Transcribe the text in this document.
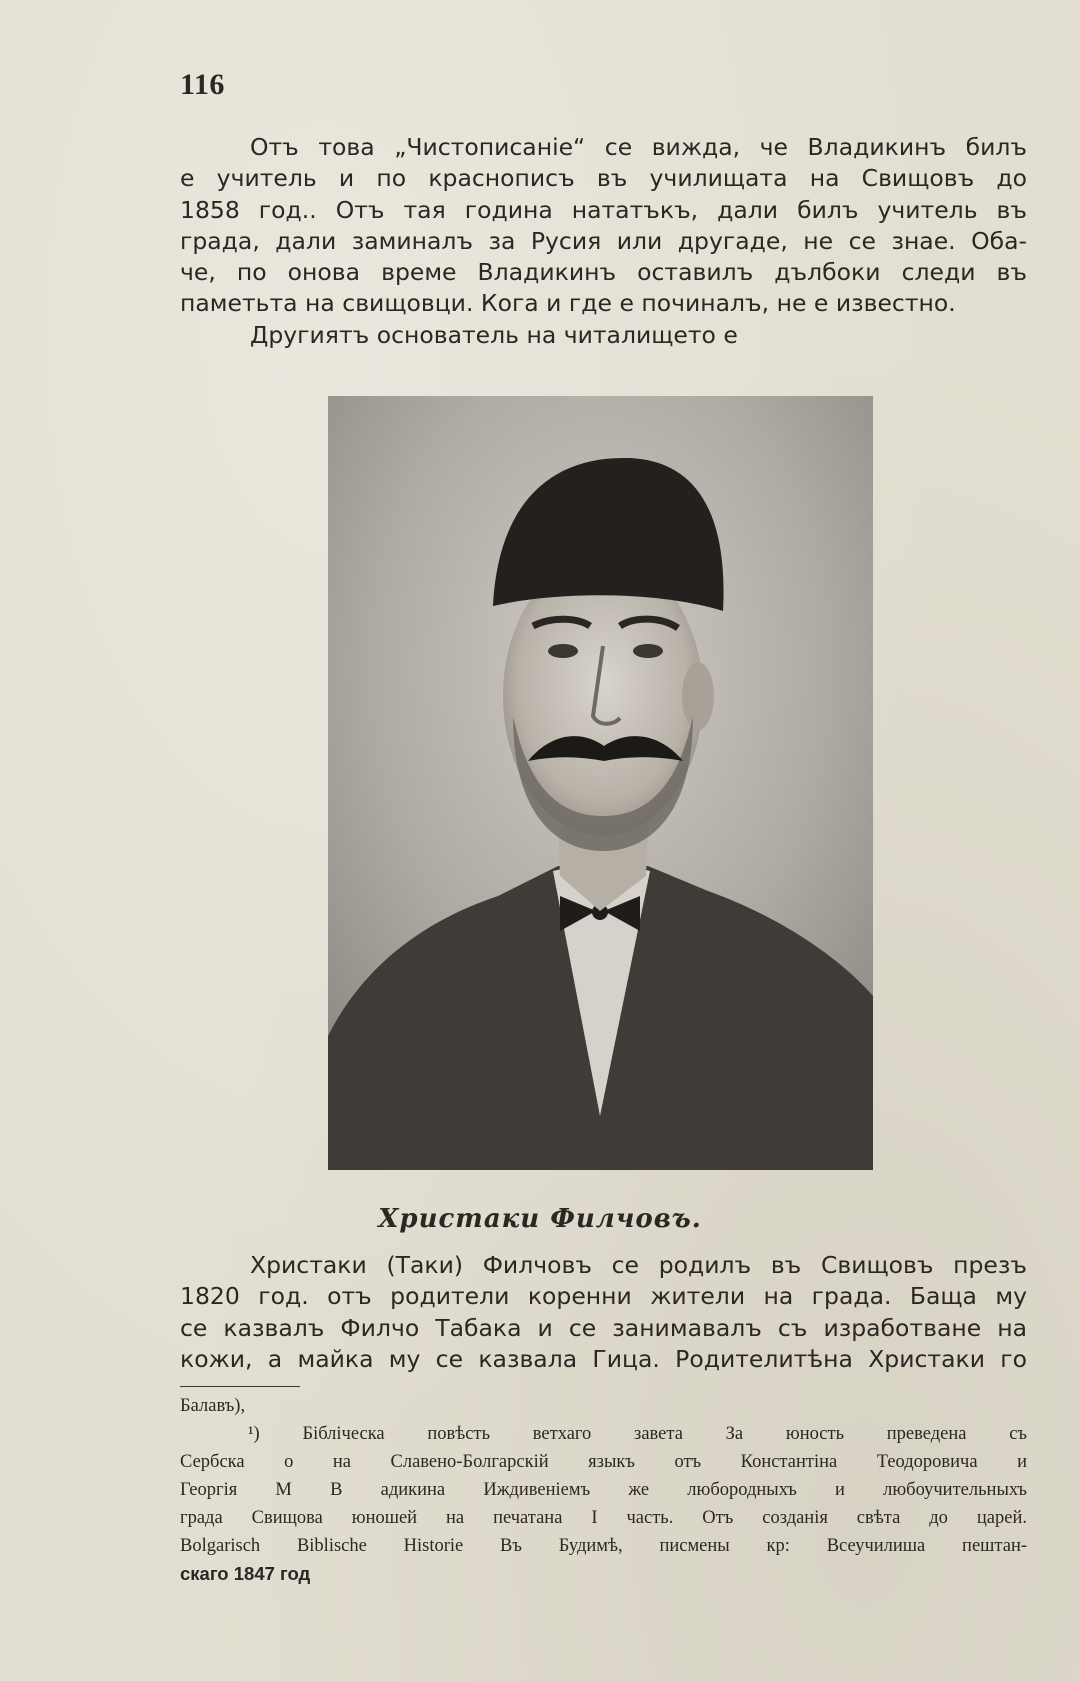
116
Отъ това „Чистописаніе“ се вижда, че Владикинъ билъ
е учитель и по краснописъ въ училищата на Свищовъ до
1858 год.. Отъ тая година нататъкъ, дали билъ учитель въ
града, дали заминалъ за Русия или другаде, не се знае. Оба-
че, по онова време Владикинъ оставилъ дълбоки следи въ
паметьта на свищовци. Кога и где е починалъ, не е известно.
Другиятъ основатель на читалището е
Христаки Филчовъ.
Христаки (Таки) Филчовъ се родилъ въ Свищовъ презъ
1820 год. отъ родители коренни жители на града. Баща му
се казвалъ Филчо Табака и се занимавалъ съ изработване на
кожи, а майка му се казвала Гица. Родителитѣна Христаки го
Балавъ),
¹) Бiблiческа повѣсть ветхаго завета За юность преведена съ
Сербска о на Славено-Болгарскiй языкъ отъ Константiна Теодоровича и
Георгiя М В адикина Иждивенiемъ же любородныхъ и любоучительныхъ
града Свищова юношей на печатана I часть. Отъ созданiя свѣта до царей.
Bolgarisch Biblische Historie Въ Будимѣ, писмены кр: Всеучилиша пештан-
скаго 1847 год
